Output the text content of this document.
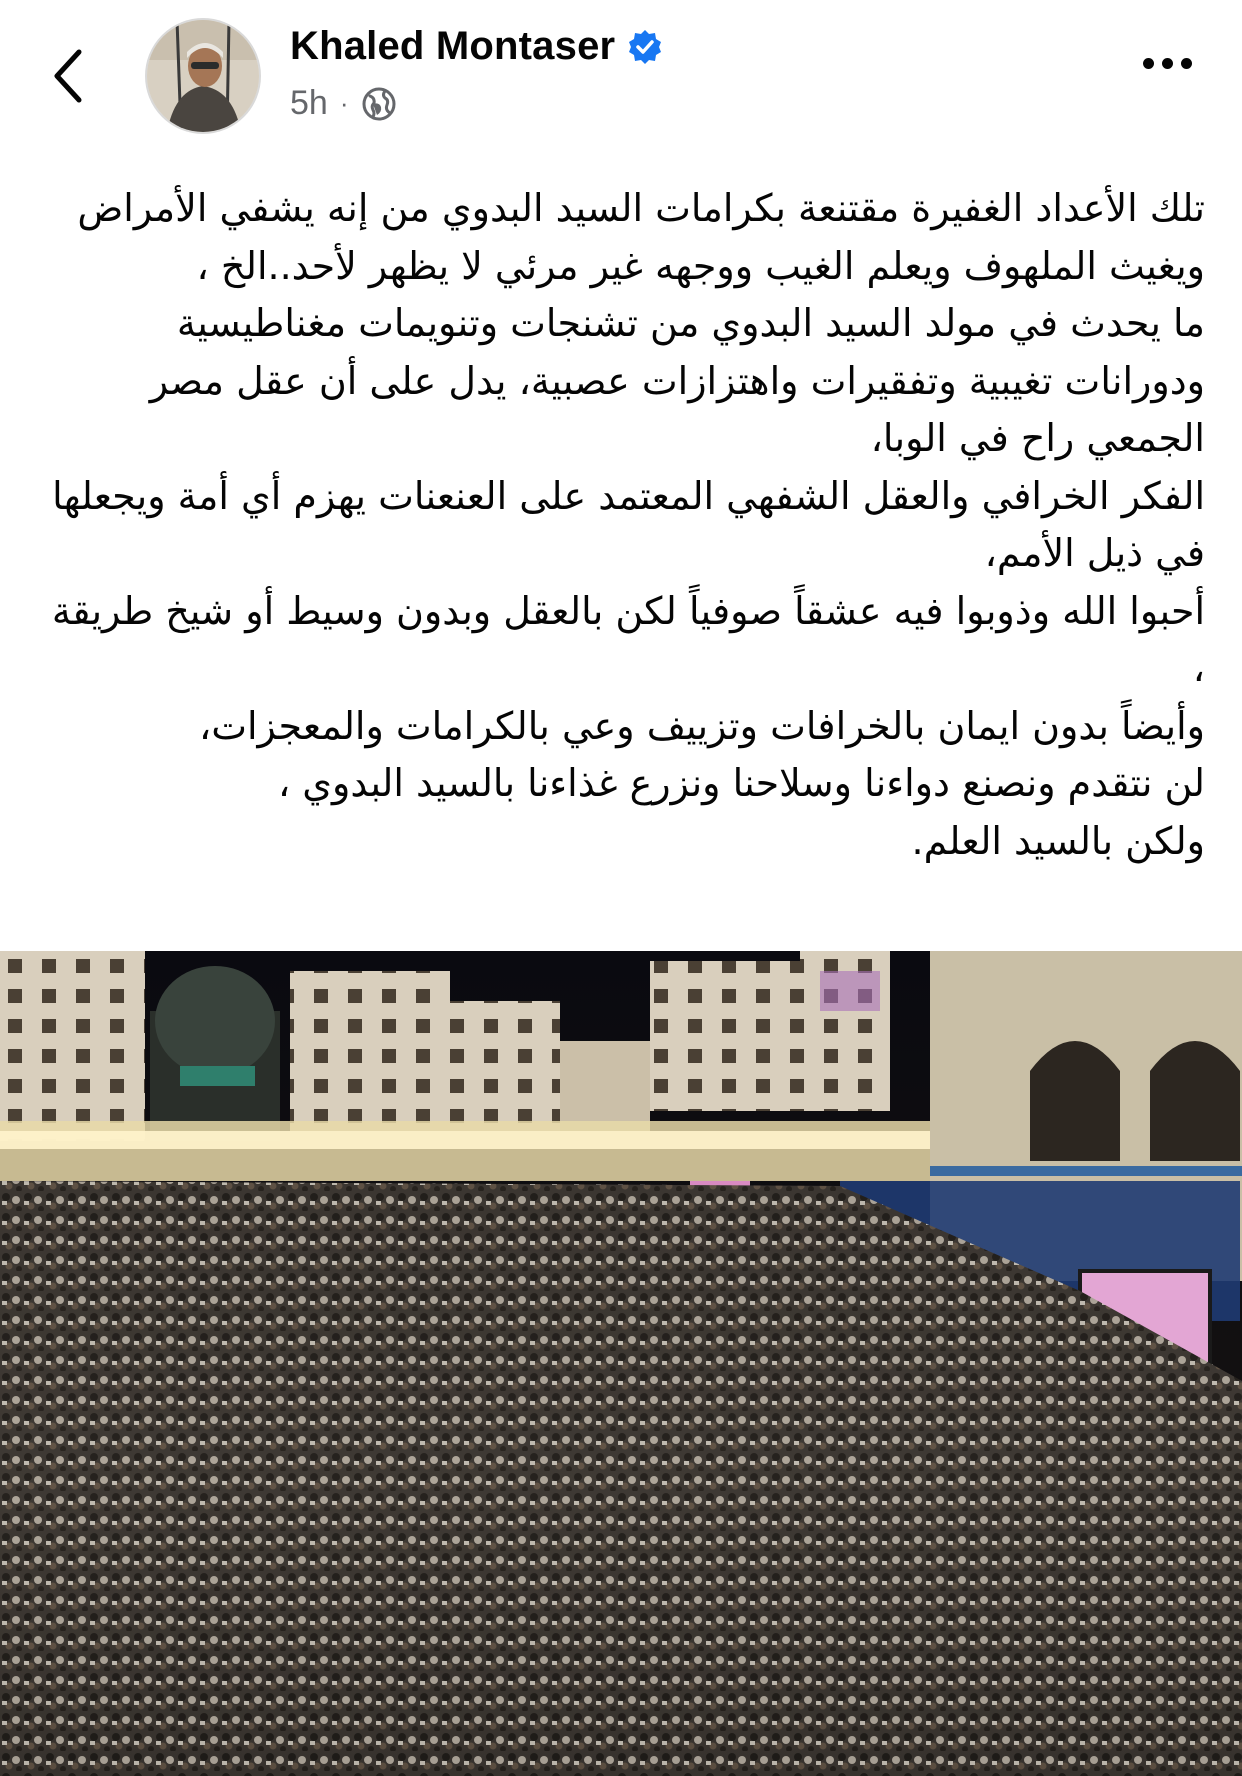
Khaled Montaser
5h ·

تلك الأعداد الغفيرة مقتنعة بكرامات السيد البدوي من إنه يشفي الأمراض ويغيث الملهوف ويعلم الغيب ووجهه غير مرئي لا يظهر لأحد..الخ ،

ما يحدث في مولد السيد البدوي من تشنجات وتنويمات مغناطيسية ودورانات تغيبية وتفقيرات واهتزازات عصبية، يدل على أن عقل مصر الجمعي راح في الوبا،

الفكر الخرافي والعقل الشفهي المعتمد على العنعنات يهزم أي أمة ويجعلها في ذيل الأمم،

أحبوا الله وذوبوا فيه عشقاً صوفياً لكن بالعقل وبدون وسيط أو شيخ طريقة ،

وأيضاً بدون ايمان بالخرافات وتزييف وعي بالكرامات والمعجزات،

لن نتقدم ونصنع دواءنا وسلاحنا ونزرع غذاءنا بالسيد البدوي ،

ولكن بالسيد العلم.
